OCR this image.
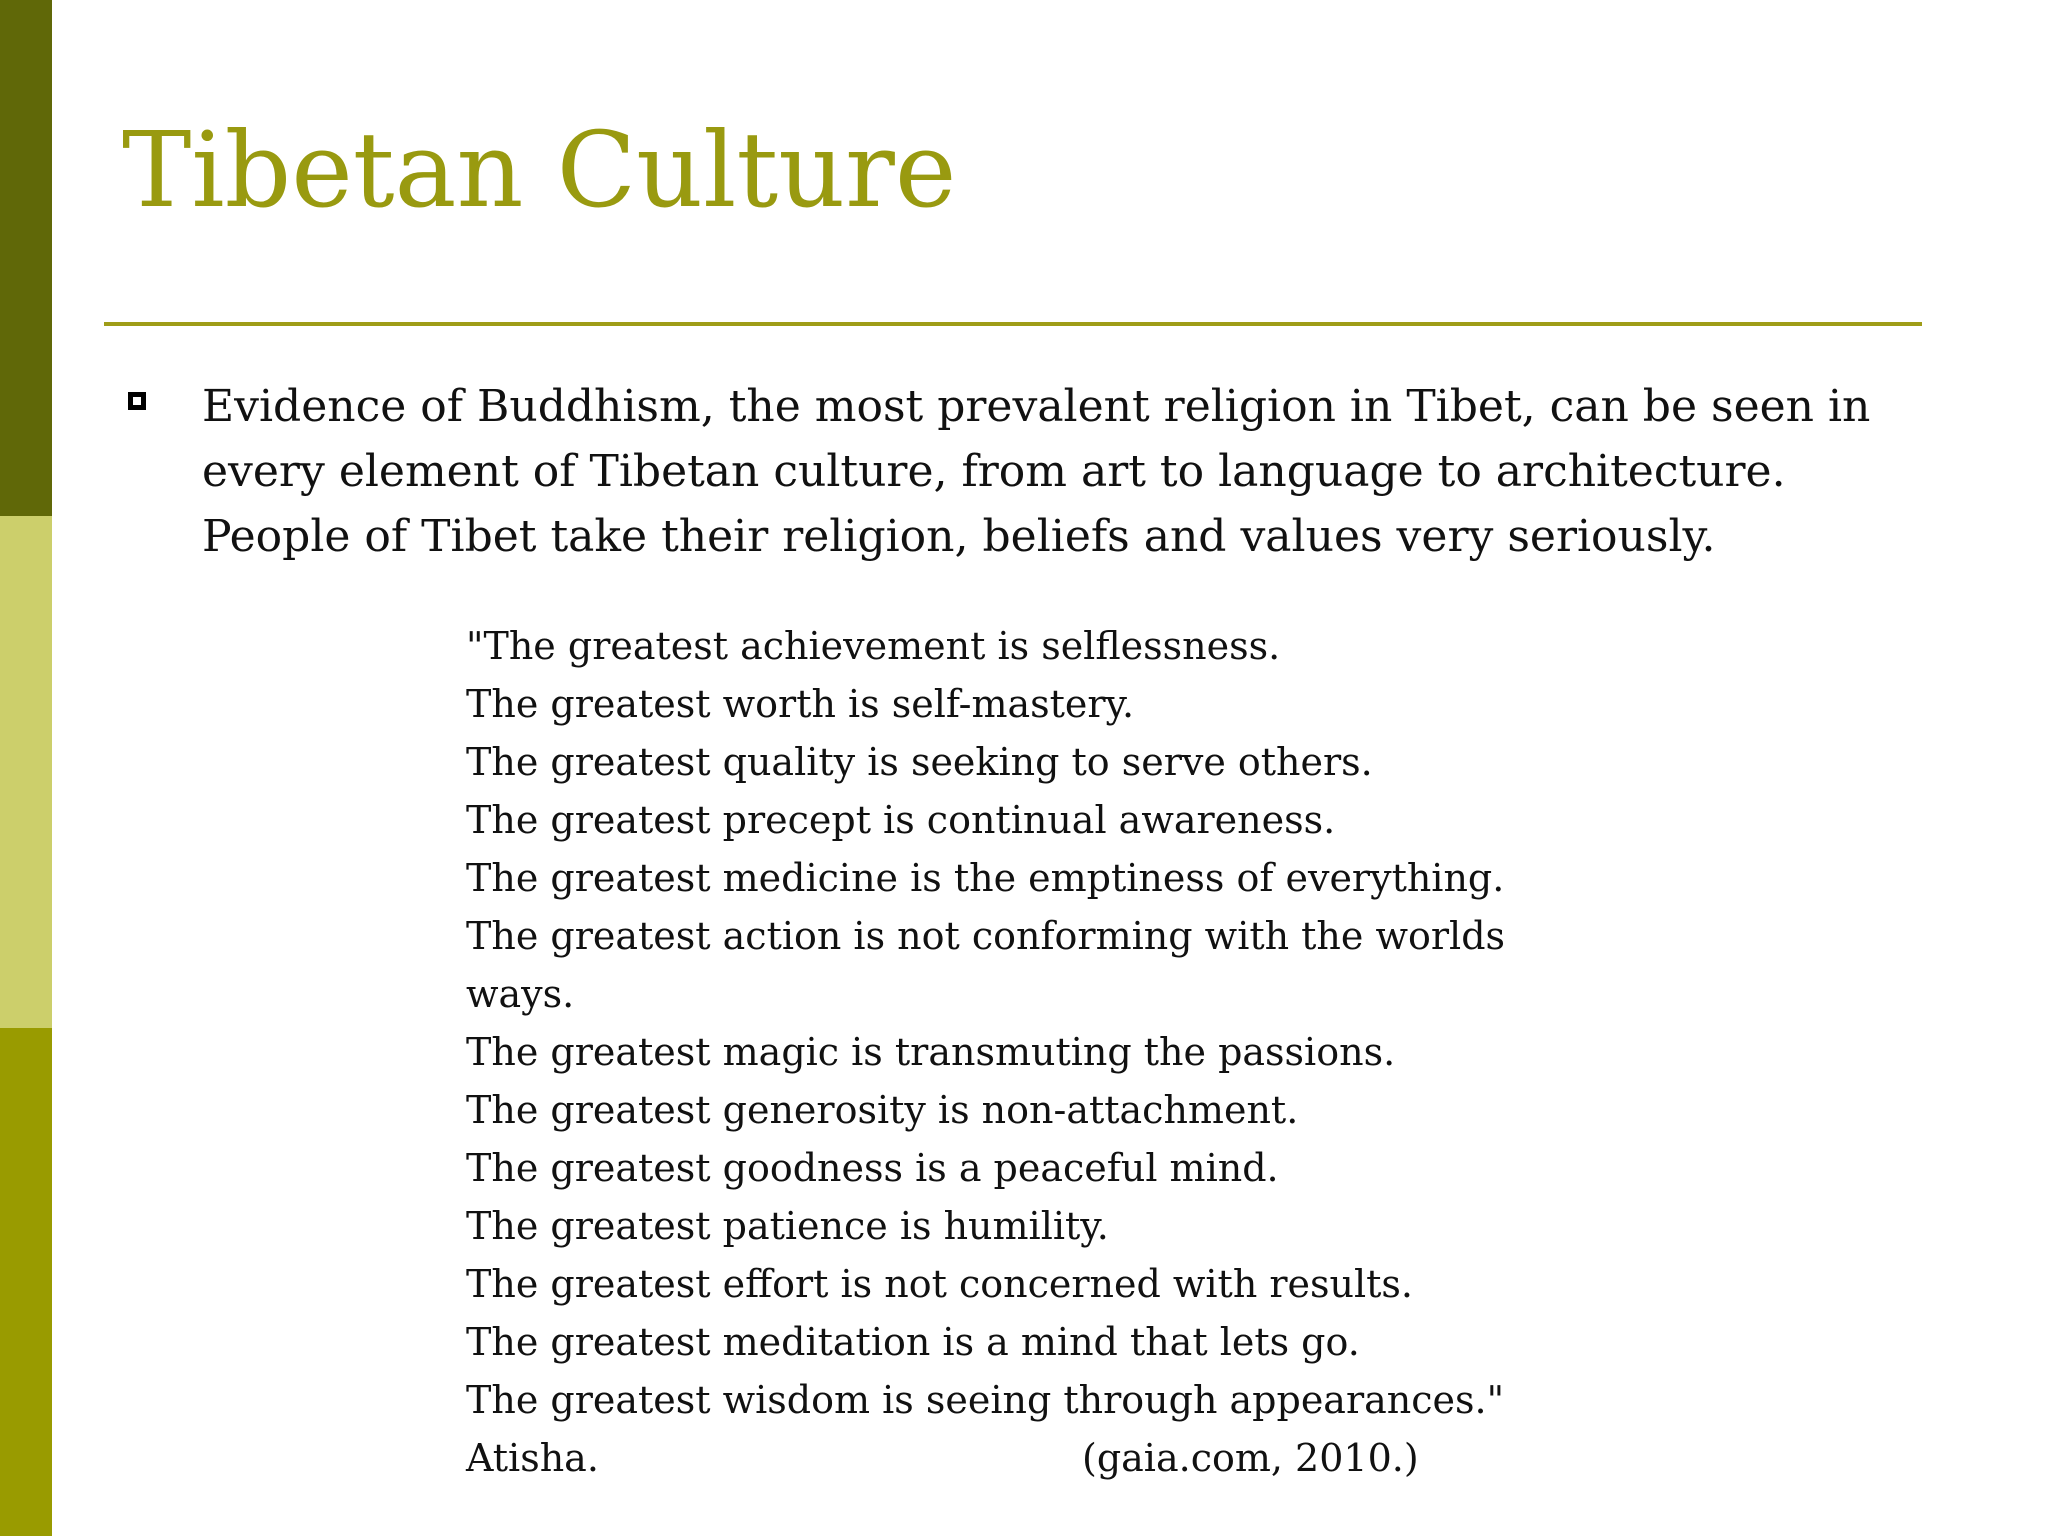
Tibetan Culture

Evidence of Buddhism, the most prevalent religion in Tibet, can be seen in every element of Tibetan culture, from art to language to architecture. People of Tibet take their religion, beliefs and values very seriously.

"The greatest achievement is selflessness.
The greatest worth is self-mastery.
The greatest quality is seeking to serve others.
The greatest precept is continual awareness.
The greatest medicine is the emptiness of everything.
The greatest action is not conforming with the worlds
ways.
The greatest magic is transmuting the passions.
The greatest generosity is non-attachment.
The greatest goodness is a peaceful mind.
The greatest patience is humility.
The greatest effort is not concerned with results.
The greatest meditation is a mind that lets go.
The greatest wisdom is seeing through appearances."
Atisha.	(gaia.com, 2010.)
